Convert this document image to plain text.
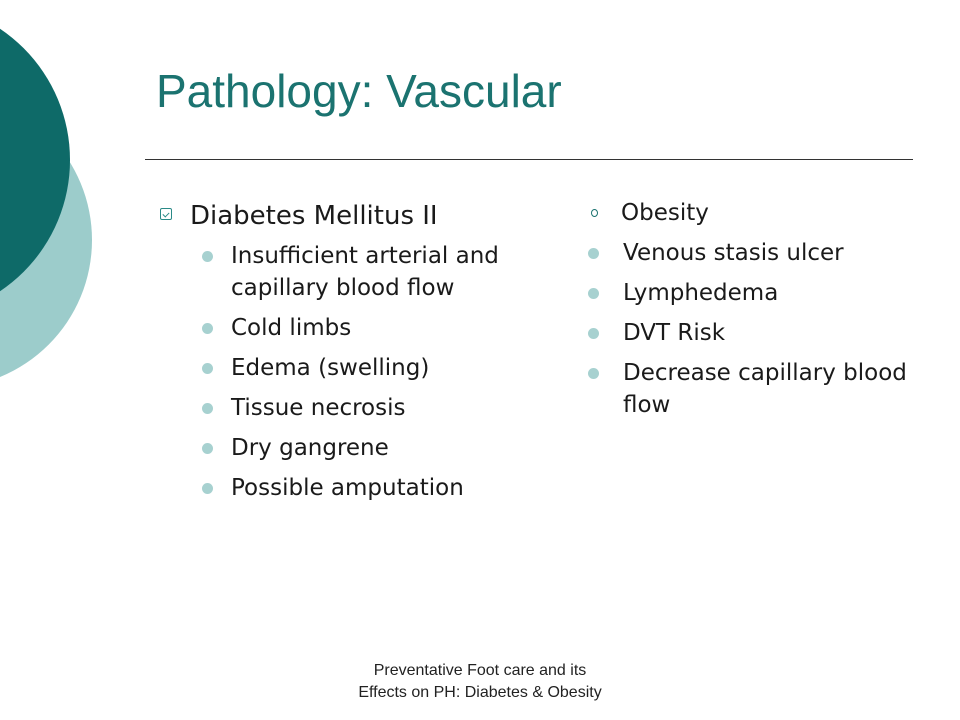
Pathology: Vascular
Diabetes Mellitus II
Insufficient arterial and capillary blood flow
Cold limbs
Edema (swelling)
Tissue necrosis
Dry gangrene
Possible amputation
Obesity
Venous stasis ulcer
Lymphedema
DVT Risk
Decrease capillary blood flow
Preventative Foot care and its
Effects on PH: Diabetes & Obesity
